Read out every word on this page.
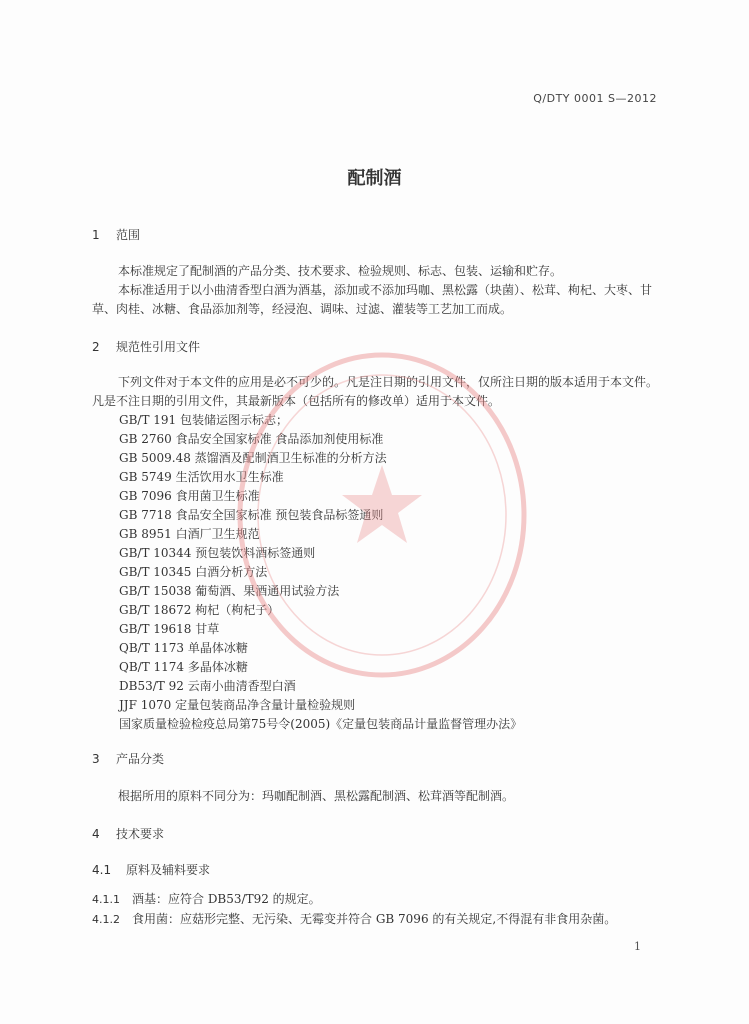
Q/DTY 0001 S—2012
配制酒
1 范围
本标准规定了配制酒的产品分类、技术要求、检验规则、标志、包装、运输和贮存。
本标准适用于以小曲清香型白酒为酒基，添加或不添加玛咖、黑松露（块菌）、松茸、枸杞、大枣、甘草、肉桂、冰糖、食品添加剂等，经浸泡、调味、过滤、灌装等工艺加工而成。
2 规范性引用文件
下列文件对于本文件的应用是必不可少的。凡是注日期的引用文件，仅所注日期的版本适用于本文件。凡是不注日期的引用文件，其最新版本（包括所有的修改单）适用于本文件。
GB/T 191 包装储运图示标志；
GB 2760 食品安全国家标准 食品添加剂使用标准
GB 5009.48 蒸馏酒及配制酒卫生标准的分析方法
GB 5749 生活饮用水卫生标准
GB 7096 食用菌卫生标准
GB 7718 食品安全国家标准 预包装食品标签通则
GB 8951 白酒厂卫生规范
GB/T 10344 预包装饮料酒标签通则
GB/T 10345 白酒分析方法
GB/T 15038 葡萄酒、果酒通用试验方法
GB/T 18672 枸杞（枸杞子）
GB/T 19618 甘草
QB/T 1173 单晶体冰糖
QB/T 1174 多晶体冰糖
DB53/T 92 云南小曲清香型白酒
JJF 1070 定量包装商品净含量计量检验规则
国家质量检验检疫总局第75号令(2005)《定量包装商品计量监督管理办法》
3 产品分类
根据所用的原料不同分为：玛咖配制酒、黑松露配制酒、松茸酒等配制酒。
4 技术要求
4.1 原料及辅料要求
4.1.1 酒基：应符合 DB53/T92 的规定。
4.1.2 食用菌：应菇形完整、无污染、无霉变并符合 GB 7096 的有关规定,不得混有非食用杂菌。
1
